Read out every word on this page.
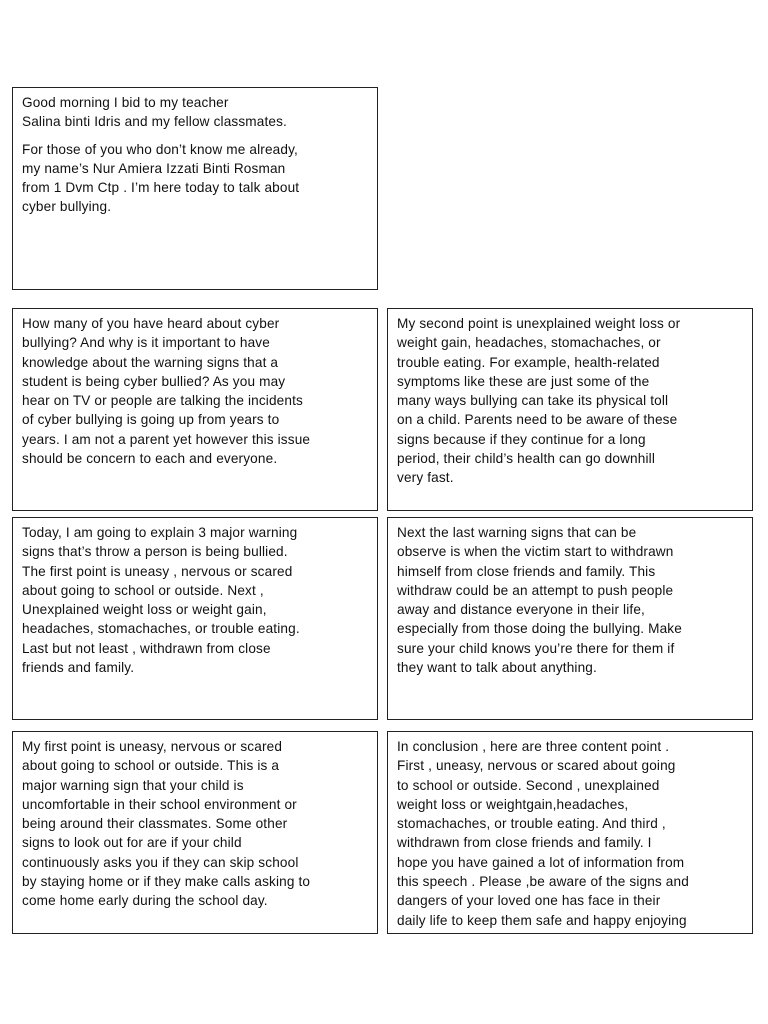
Good morning I bid to my teacher
Salina binti Idris and my fellow classmates.

For those of you who don’t know me already,
my name’s Nur Amiera Izzati Binti Rosman
from 1 Dvm Ctp . I’m here today to talk about
cyber bullying.

How many of you have heard about cyber
bullying? And why is it important to have
knowledge about the warning signs that a
student is being cyber bullied? As you may
hear on TV or people are talking the incidents
of cyber bullying is going up from years to
years. I am not a parent yet however this issue
should be concern to each and everyone.

My second point is unexplained weight loss or
weight gain, headaches, stomachaches, or
trouble eating. For example, health-related
symptoms like these are just some of the
many ways bullying can take its physical toll
on a child. Parents need to be aware of these
signs because if they continue for a long
period, their child’s health can go downhill
very fast.

Today, I am going to explain 3 major warning
signs that’s throw a person is being bullied.
The first point is uneasy , nervous or scared
about going to school or outside. Next ,
Unexplained weight loss or weight gain,
headaches, stomachaches, or trouble eating.
Last but not least , withdrawn from close
friends and family.

Next the last warning signs that can be
observe is when the victim start to withdrawn
himself from close friends and family. This
withdraw could be an attempt to push people
away and distance everyone in their life,
especially from those doing the bullying. Make
sure your child knows you’re there for them if
they want to talk about anything.

My first point is uneasy, nervous or scared
about going to school or outside. This is a
major warning sign that your child is
uncomfortable in their school environment or
being around their classmates. Some other
signs to look out for are if your child
continuously asks you if they can skip school
by staying home or if they make calls asking to
come home early during the school day.

In conclusion , here are three content point .
First , uneasy, nervous or scared about going
to school or outside. Second , unexplained
weight loss or weightgain,headaches,
stomachaches, or trouble eating. And third ,
withdrawn from close friends and family. I
hope you have gained a lot of information from
this speech . Please ,be aware of the signs and
dangers of your loved one has face in their
daily life to keep them safe and happy enjoying
